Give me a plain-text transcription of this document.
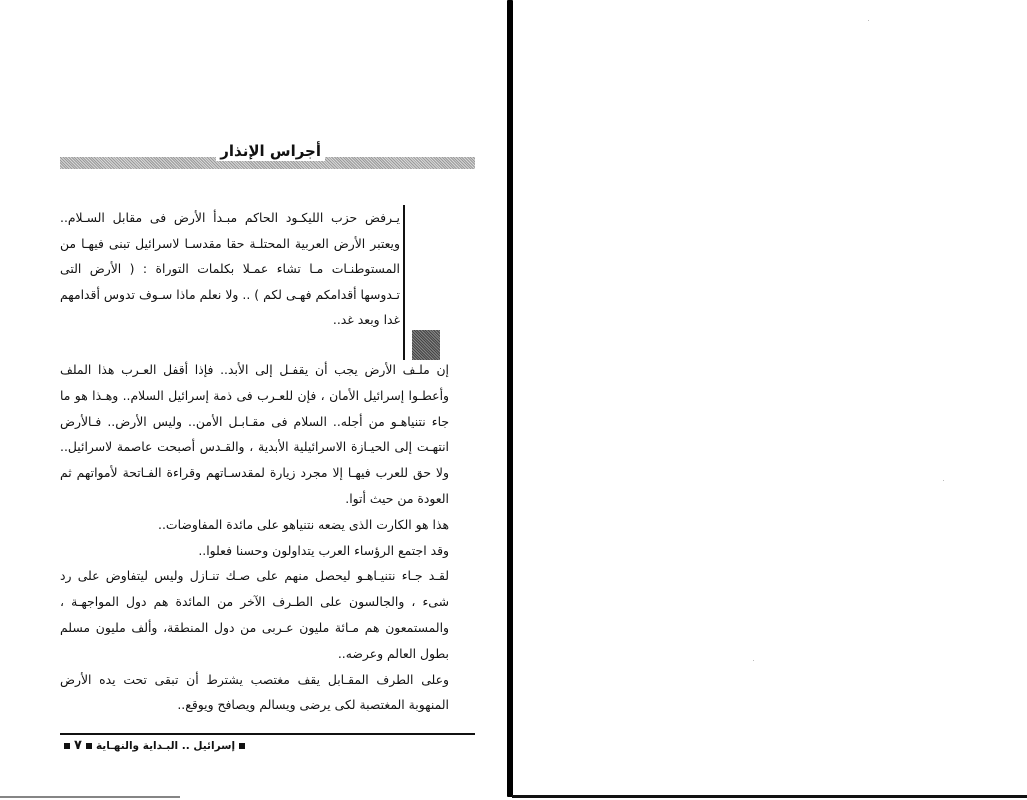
أجراس الإنذار
يـرفض حزب الليكـود الحاكم مبـدأ الأرض فى مقابل السـلام.. ويعتبر الأرض العربية المحتلـة حقا مقدسـا لاسرائيل تبنى فيهـا من المستوطنـات مـا تشاء عمـلا بكلمات التوراة : ( الأرض التى تـدوسها أقدامكم فهـى لكم ) .. ولا نعلم ماذا سـوف تدوس أقدامهم غدا وبعد غد..

إن ملـف الأرض يجب أن يقفـل إلى الأبد.. فإذا أقفل العـرب هذا الملف وأعطـوا إسرائيل الأمان ، فإن للعـرب فى ذمة إسرائيل السلام.. وهـذا هو ما جاء نتنياهـو من أجله.. السلام فى مقـابـل الأمن.. وليس الأرض.. فـالأرض انتهـت إلى الحيـازة الاسرائيلية الأبدية ، والقـدس أصبحت عاصمة لاسرائيل.. ولا حق للعرب فيهـا إلا مجرد زيارة لمقدسـاتهم وقراءة الفـاتحة لأمواتهم ثم العودة من حيث أتوا.

هذا هو الكارت الذى يضعه نتنياهو على مائدة المفاوضات..

وقد اجتمع الرؤساء العرب يتداولون وحسنا فعلوا..

لقـد جـاء نتنيـاهـو ليحصل منهم على صـك تنـازل وليس ليتفاوض على رد شىء ، والجالسون على الطـرف الآخر من المائدة هم دول المواجهـة ، والمستمعون هم مـائة مليون عـربى من دول المنطقة، وألف مليون مسلم بطول العالم وعرضه..

وعلى الطرف المقـابل يقف مغتصب يشترط أن تبقى تحت يده الأرض المنهوبة المغتصبة لكى يرضى ويسالم ويصافح ويوقع..

إسرائيل .. البـداية والنهـاية٧
